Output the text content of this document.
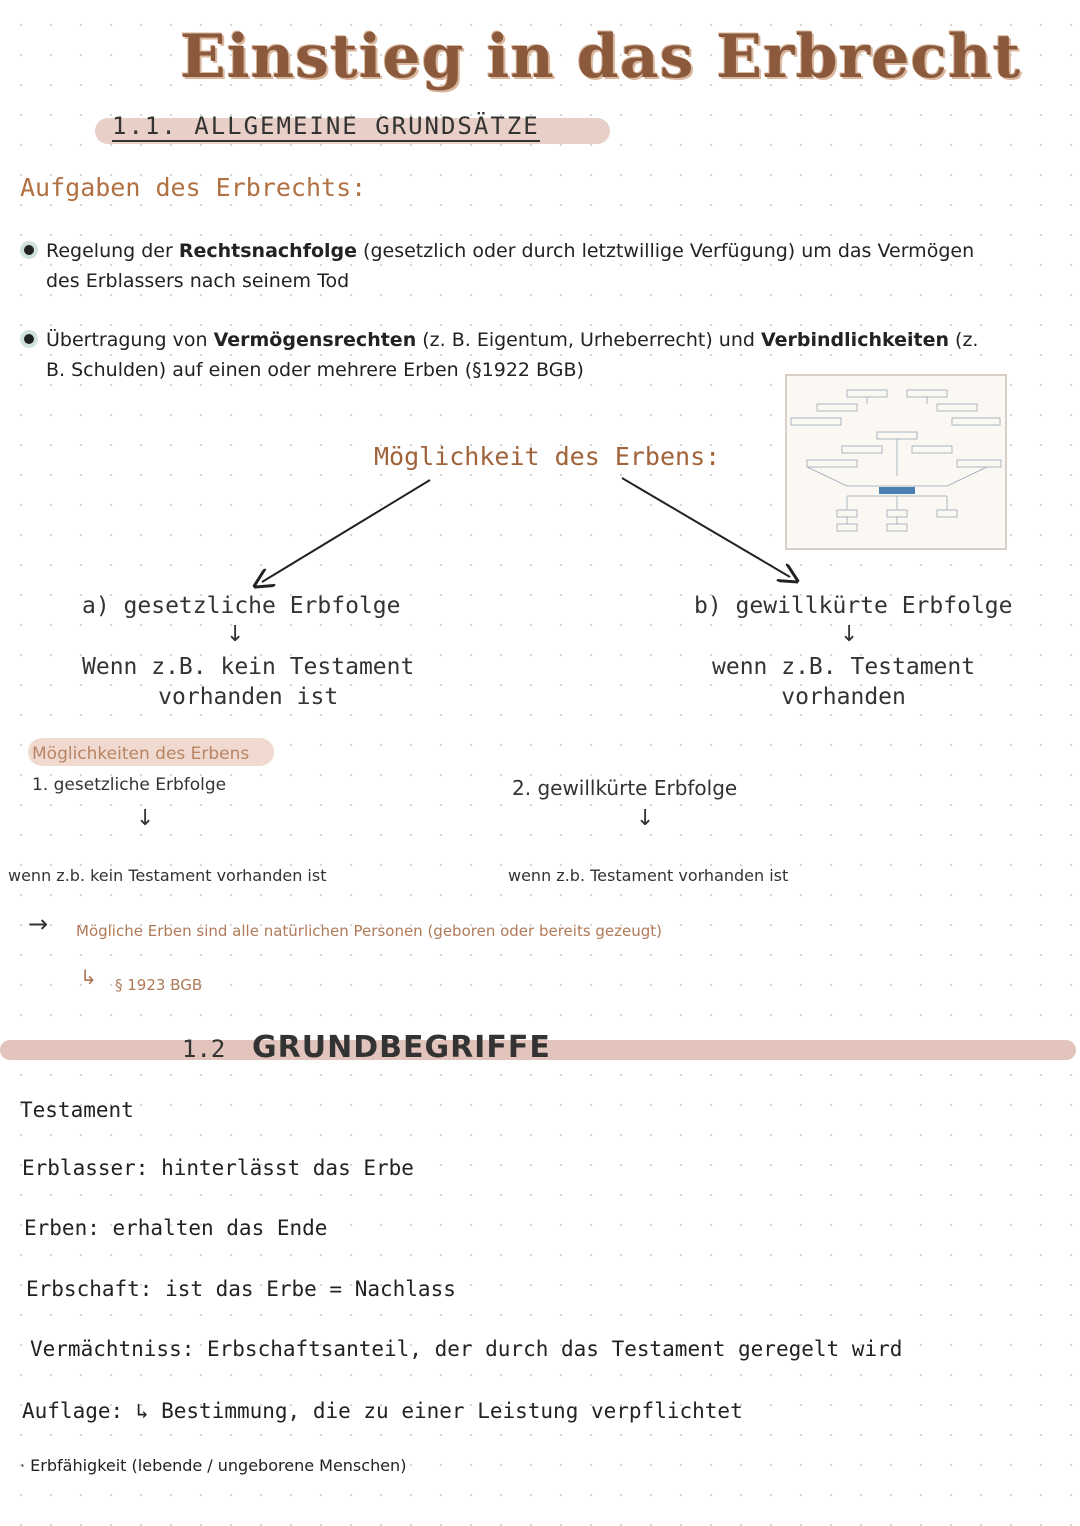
Einstieg in das Erbrecht
1.1. ALLGEMEINE GRUNDSÄTZE
Aufgaben des Erbrechts:
Regelung der Rechtsnachfolge (gesetzlich oder durch letztwillige Verfügung) um das Vermögen des Erblassers nach seinem Tod
Übertragung von Vermögensrechten (z. B. Eigentum, Urheberrecht) und Verbindlichkeiten (z. B. Schulden) auf einen oder mehrere Erben (§1922 BGB)
Möglichkeit des Erbens:
a) gesetzliche Erbfolge
↓
Wenn z.B. kein Testament
vorhanden ist
b) gewillkürte Erbfolge
↓
wenn z.B. Testament
vorhanden
Möglichkeiten des Erbens
1. gesetzliche Erbfolge
↓
2. gewillkürte Erbfolge
↓
wenn z.b. kein Testament vorhanden ist	wenn z.b. Testament vorhanden ist
→ Mögliche Erben sind alle natürlichen Personen (geboren oder bereits gezeugt)
↳ § 1923 BGB
1.2 GRUNDBEGRIFFE
Testament
Erblasser: hinterlässt das Erbe
Erben: erhalten das Ende
Erbschaft: ist das Erbe = Nachlass
Vermächtniss: Erbschaftsanteil, der durch das Testament geregelt wird
Auflage: ↳ Bestimmung, die zu einer Leistung verpflichtet
· Erbfähigkeit (lebende / ungeborene Menschen)
